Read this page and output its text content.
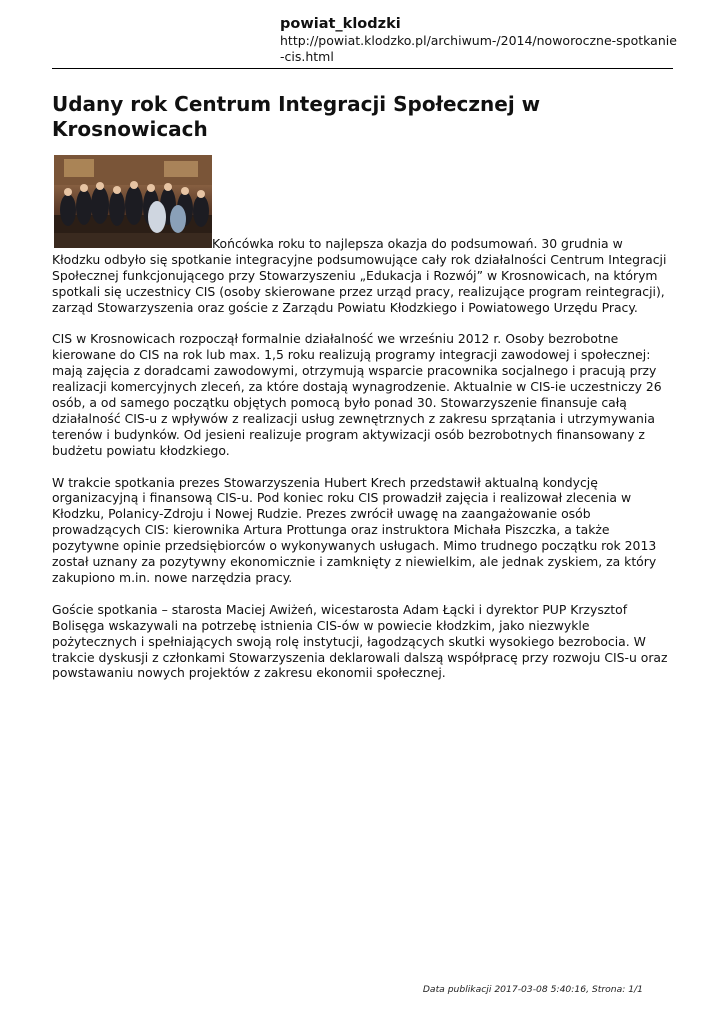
powiat_klodzki
http://powiat.klodzko.pl/archiwum-/2014/noworoczne-spotkanie-cis.html
Udany rok Centrum Integracji Społecznej w Krosnowicach

Końcówka roku to najlepsza okazja do podsumowań. 30 grudnia w Kłodzku odbyło się spotkanie integracyjne podsumowujące cały rok działalności Centrum Integracji Społecznej funkcjonującego przy Stowarzyszeniu „Edukacja i Rozwój” w Krosnowicach, na którym spotkali się uczestnicy CIS (osoby skierowane przez urząd pracy, realizujące program reintegracji), zarząd Stowarzyszenia oraz goście z Zarządu Powiatu Kłodzkiego i Powiatowego Urzędu Pracy.

CIS w Krosnowicach rozpoczął formalnie działalność we wrześniu 2012 r. Osoby bezrobotne kierowane do CIS na rok lub max. 1,5 roku realizują programy integracji zawodowej i społecznej: mają zajęcia z doradcami zawodowymi, otrzymują wsparcie pracownika socjalnego i pracują przy realizacji komercyjnych zleceń, za które dostają wynagrodzenie. Aktualnie w CIS-ie uczestniczy 26 osób, a od samego początku objętych pomocą było ponad 30. Stowarzyszenie finansuje całą działalność CIS-u z wpływów z realizacji usług zewnętrznych z zakresu sprzątania i utrzymywania terenów i budynków. Od jesieni realizuje program aktywizacji osób bezrobotnych finansowany z budżetu powiatu kłodzkiego.

W trakcie spotkania prezes Stowarzyszenia Hubert Krech przedstawił aktualną kondycję organizacyjną i finansową CIS-u. Pod koniec roku CIS prowadził zajęcia i realizował zlecenia w Kłodzku, Polanicy-Zdroju i Nowej Rudzie. Prezes zwrócił uwagę na zaangażowanie osób prowadzących CIS: kierownika Artura Prottunga oraz instruktora Michała Piszczka, a także pozytywne opinie przedsiębiorców o wykonywanych usługach. Mimo trudnego początku rok 2013 został uznany za pozytywny ekonomicznie i zamknięty z niewielkim, ale jednak zyskiem, za który zakupiono m.in. nowe narzędzia pracy.

Goście spotkania – starosta Maciej Awiżeń, wicestarosta Adam Łącki i dyrektor PUP Krzysztof Bolisęga wskazywali na potrzebę istnienia CIS-ów w powiecie kłodzkim, jako niezwykle pożytecznych i spełniających swoją rolę instytucji, łagodzących skutki wysokiego bezrobocia. W trakcie dyskusji z członkami Stowarzyszenia deklarowali dalszą współpracę przy rozwoju CIS-u oraz powstawaniu nowych projektów z zakresu ekonomii społecznej.

Data publikacji 2017-03-08 5:40:16, Strona: 1/1
